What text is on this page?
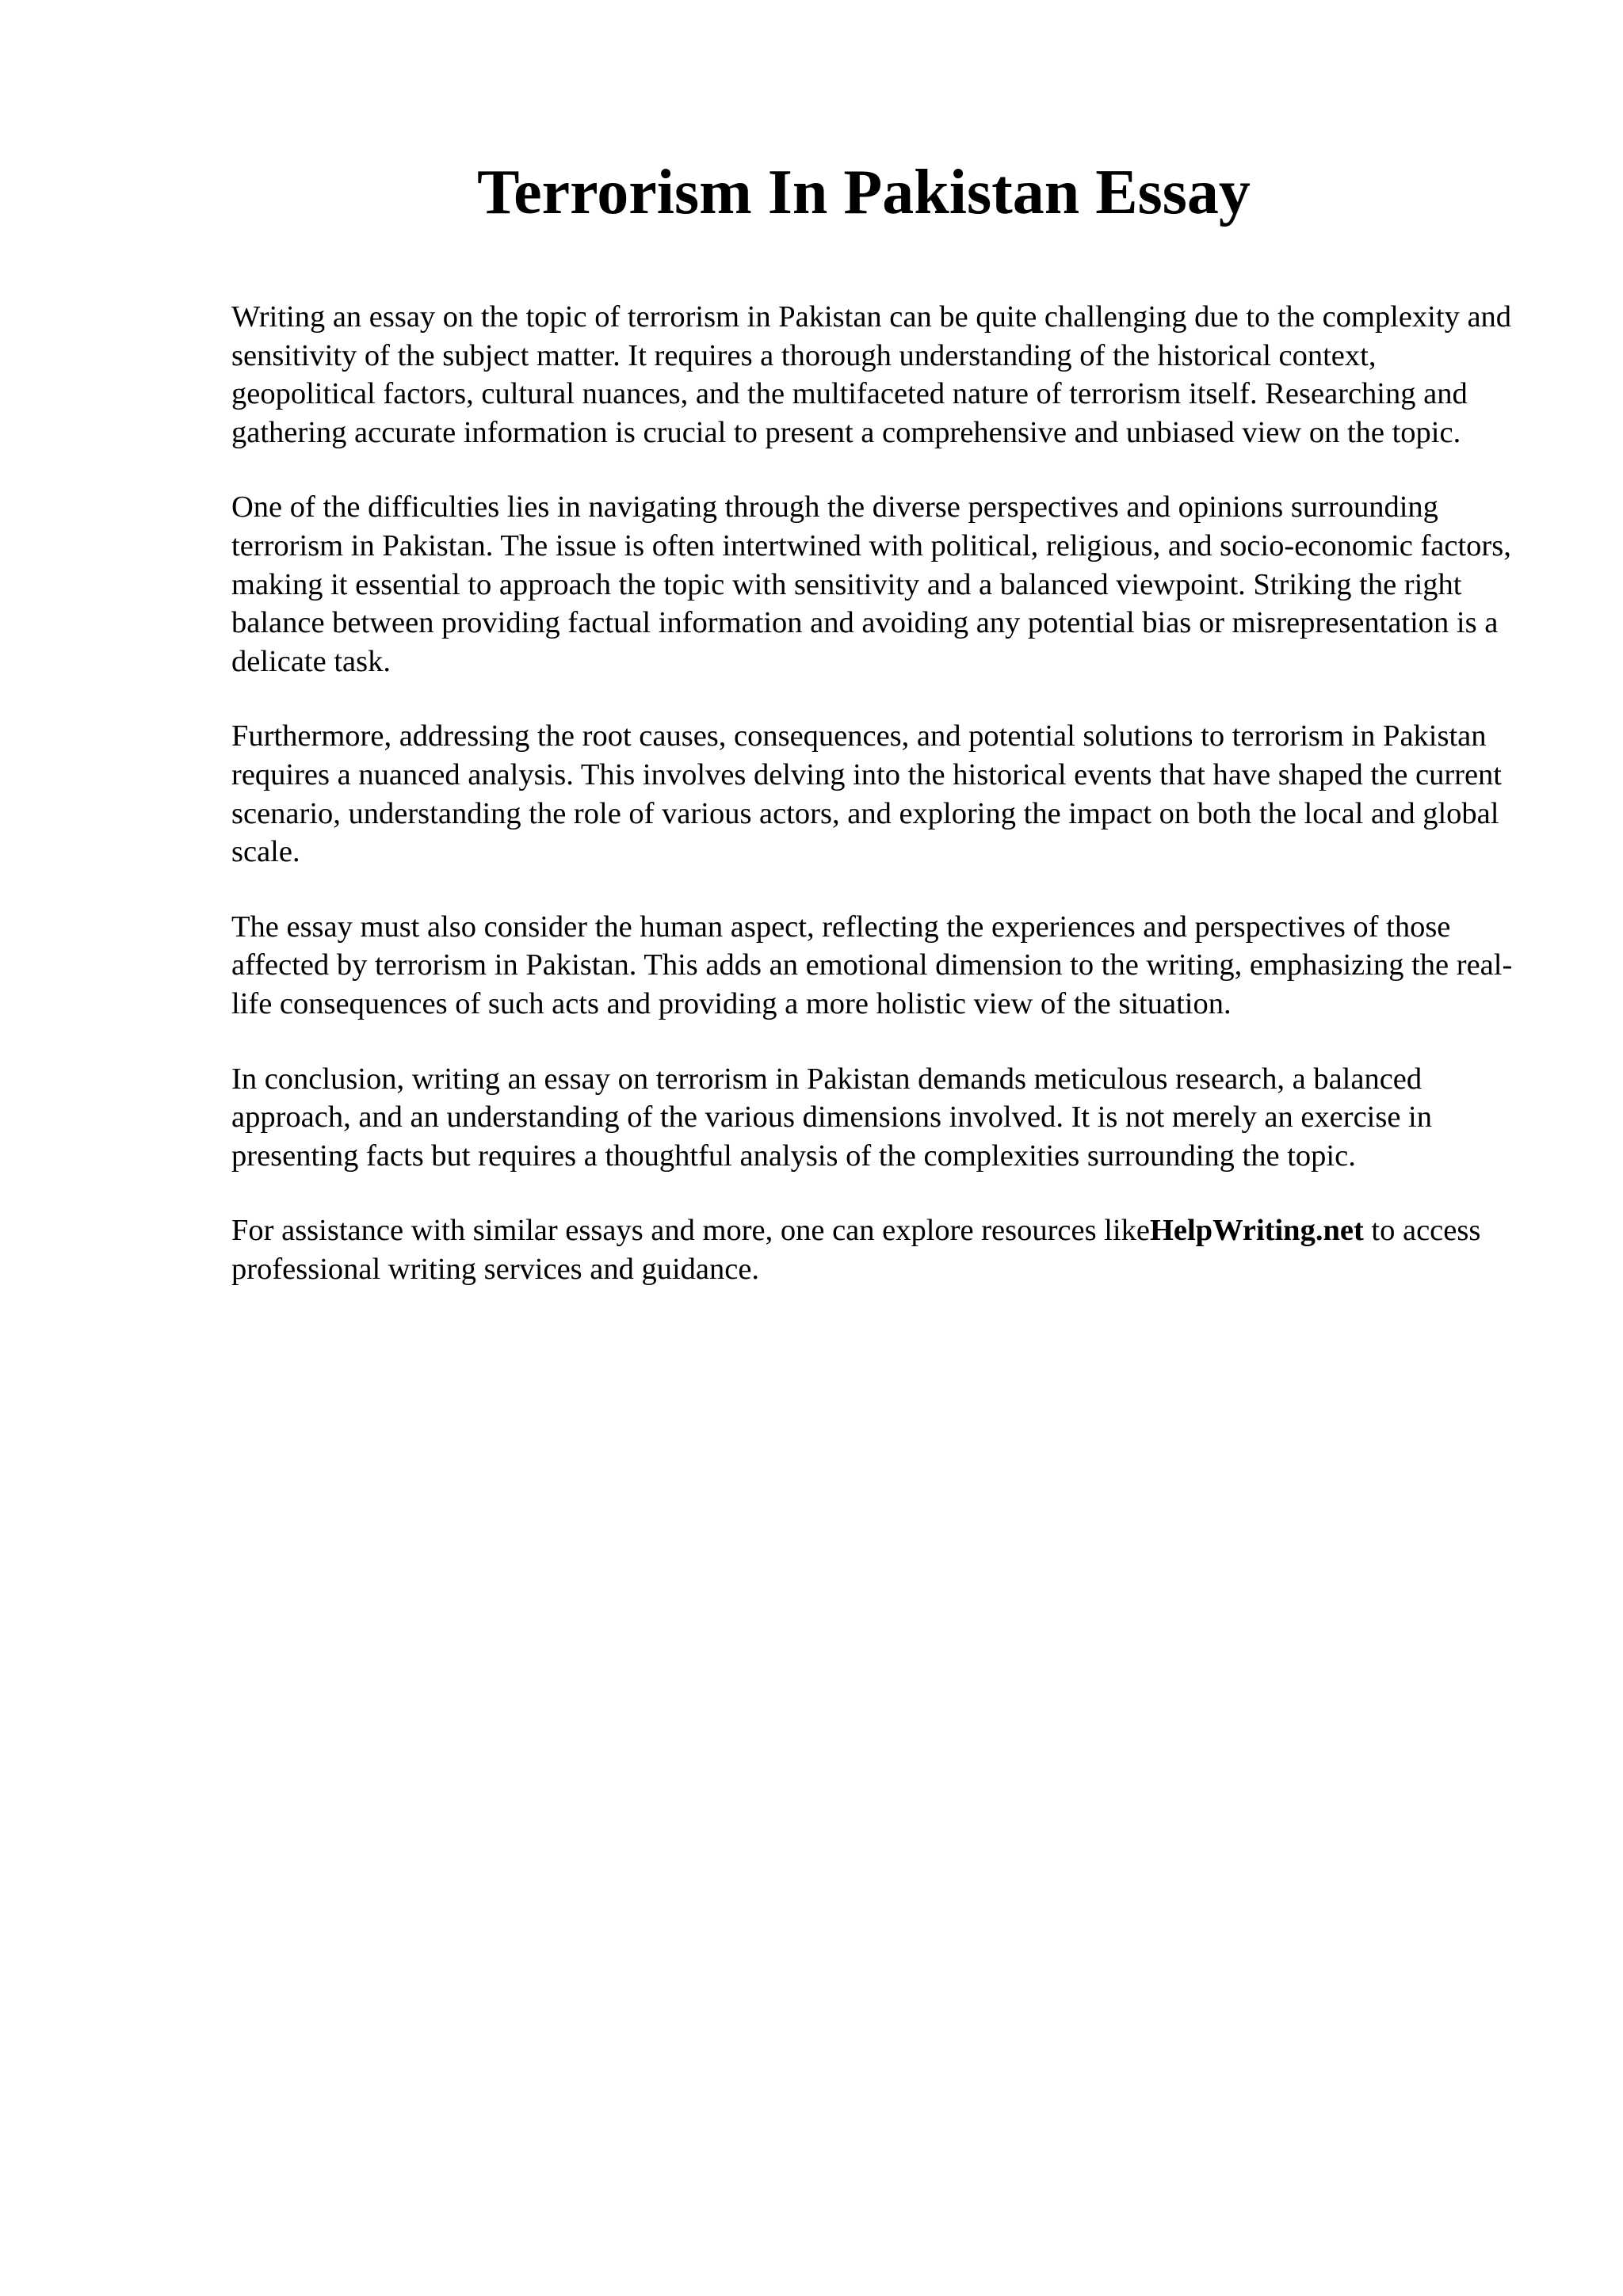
Terrorism In Pakistan Essay

Writing an essay on the topic of terrorism in Pakistan can be quite challenging due to the complexity and sensitivity of the subject matter. It requires a thorough understanding of the historical context, geopolitical factors, cultural nuances, and the multifaceted nature of terrorism itself. Researching and gathering accurate information is crucial to present a comprehensive and unbiased view on the topic.

One of the difficulties lies in navigating through the diverse perspectives and opinions surrounding terrorism in Pakistan. The issue is often intertwined with political, religious, and socio-economic factors, making it essential to approach the topic with sensitivity and a balanced viewpoint. Striking the right balance between providing factual information and avoiding any potential bias or misrepresentation is a delicate task.

Furthermore, addressing the root causes, consequences, and potential solutions to terrorism in Pakistan requires a nuanced analysis. This involves delving into the historical events that have shaped the current scenario, understanding the role of various actors, and exploring the impact on both the local and global scale.

The essay must also consider the human aspect, reflecting the experiences and perspectives of those affected by terrorism in Pakistan. This adds an emotional dimension to the writing, emphasizing the real-life consequences of such acts and providing a more holistic view of the situation.

In conclusion, writing an essay on terrorism in Pakistan demands meticulous research, a balanced approach, and an understanding of the various dimensions involved. It is not merely an exercise in presenting facts but requires a thoughtful analysis of the complexities surrounding the topic.

For assistance with similar essays and more, one can explore resources likeHelpWriting.net to access professional writing services and guidance.
